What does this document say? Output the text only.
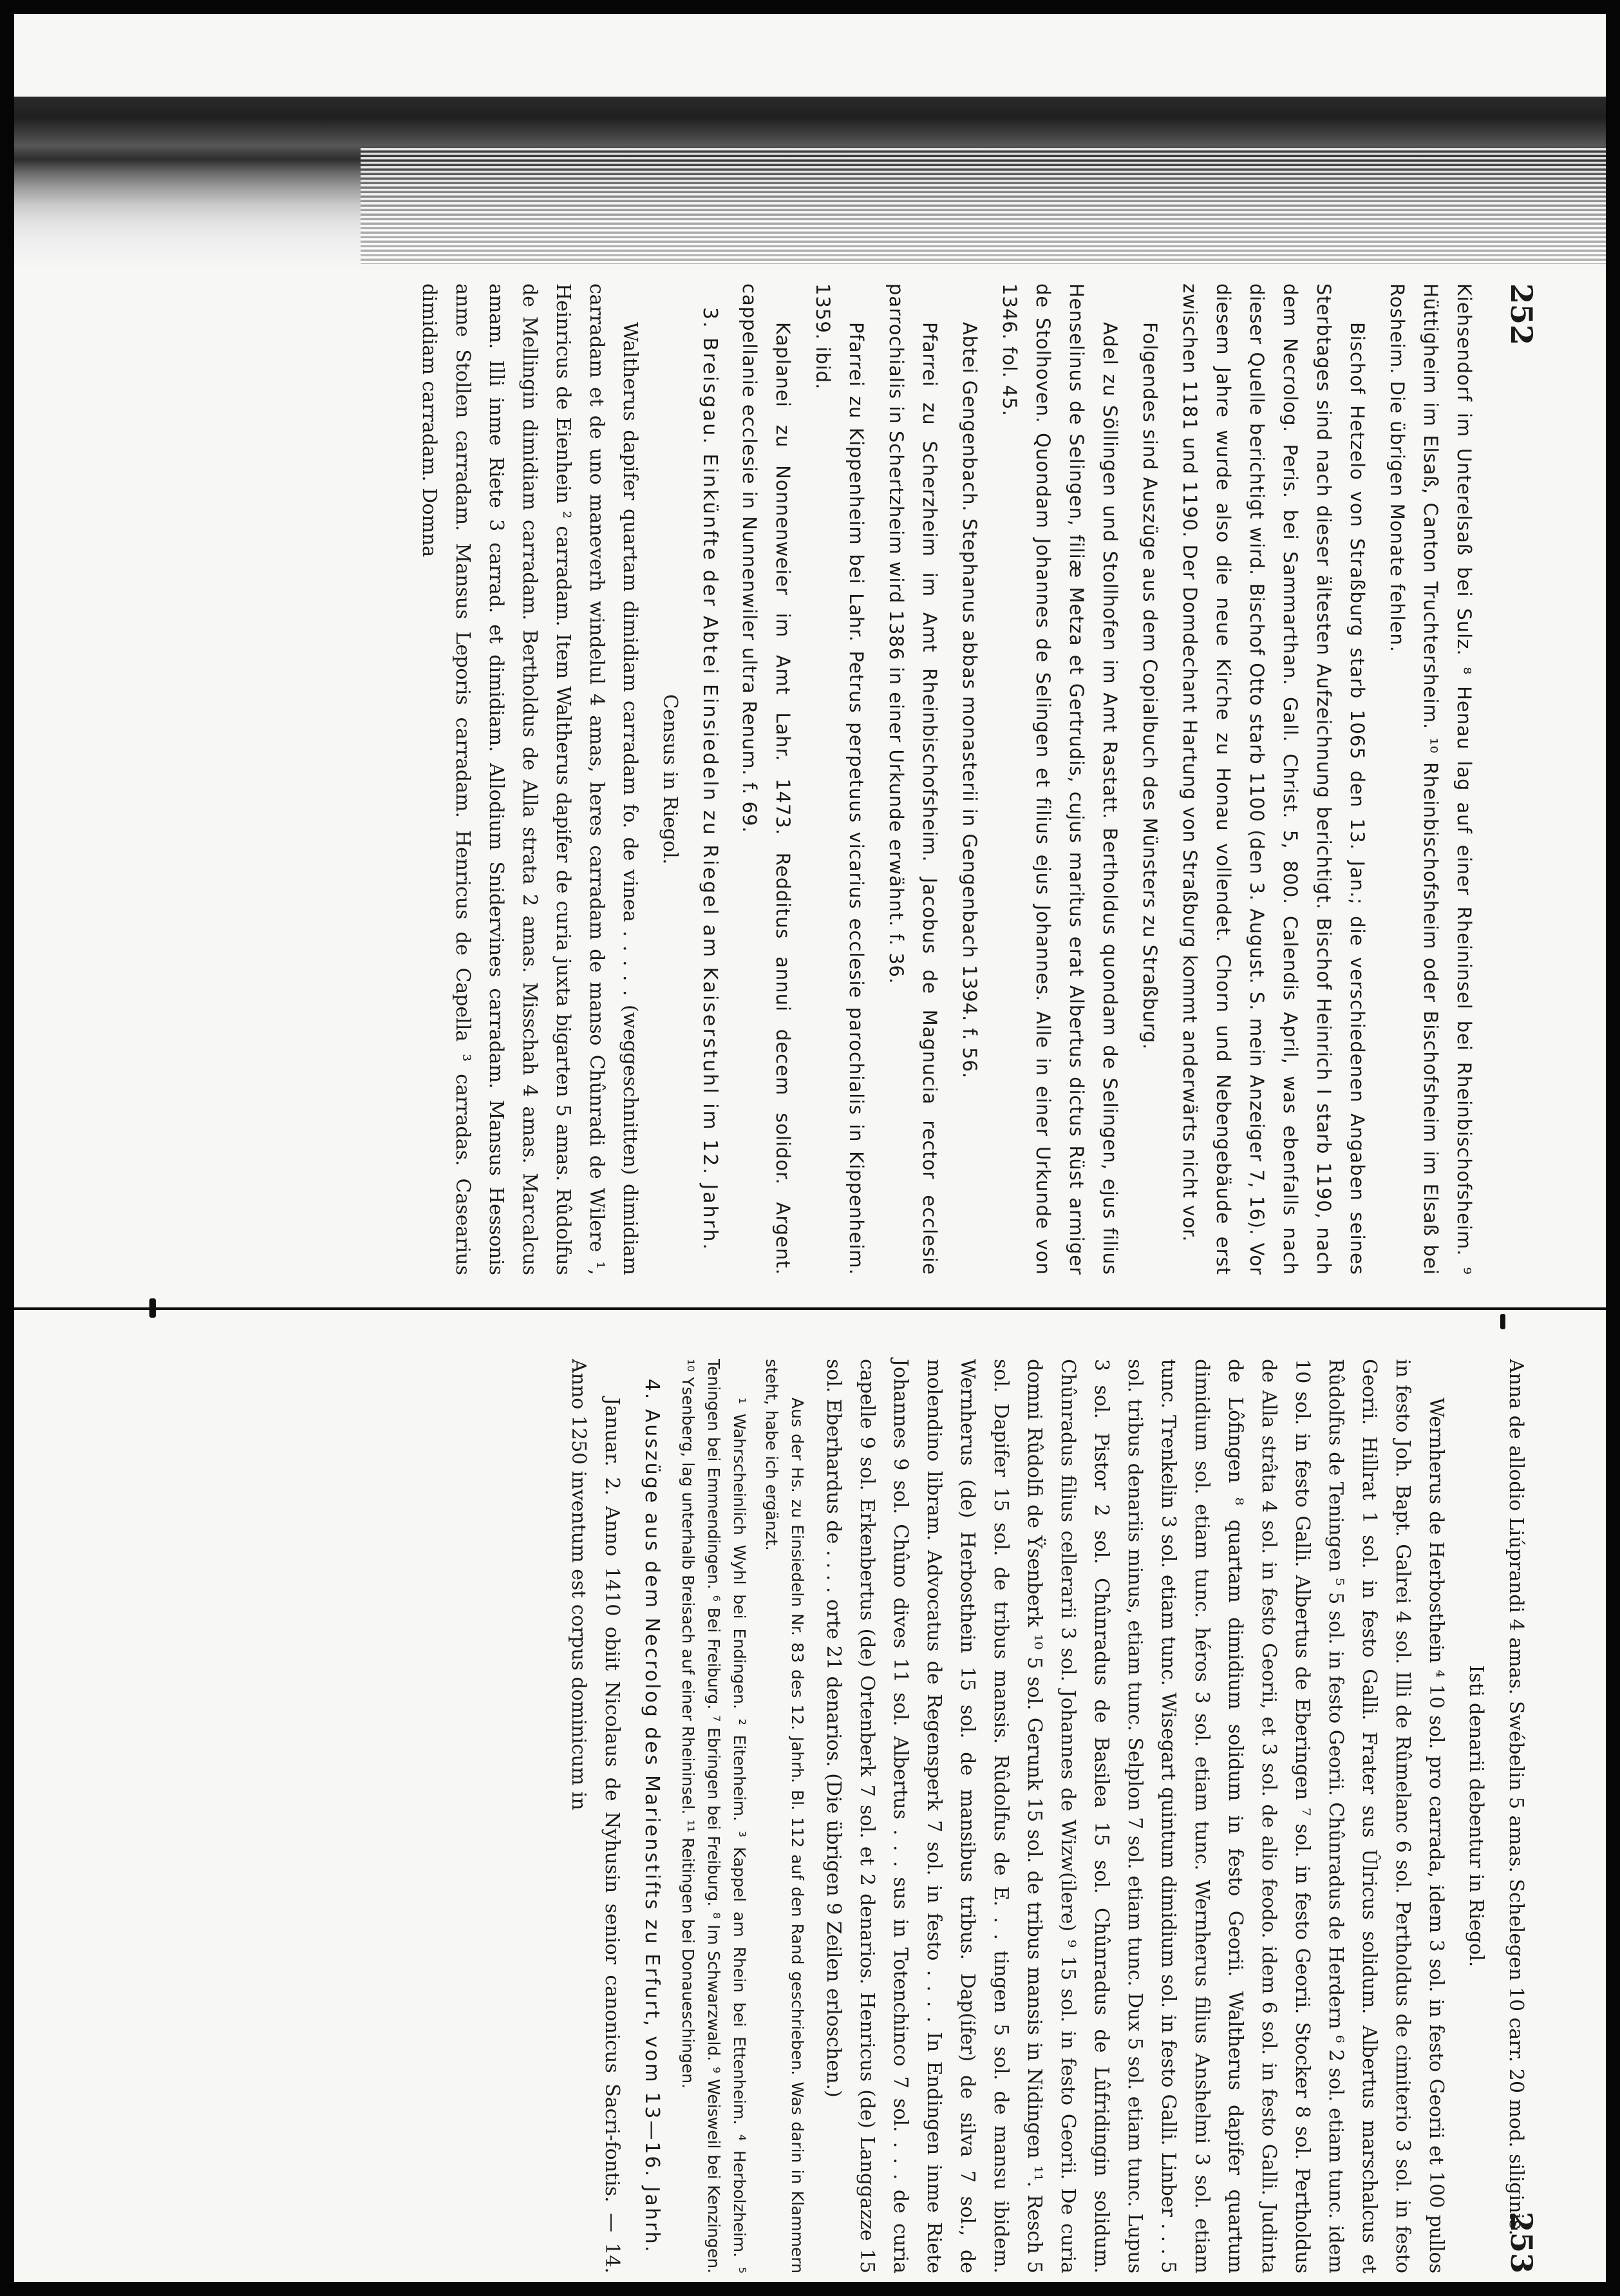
252

Kiehsendorf im Unterelsaß bei Sulz. ⁸ Henau lag auf einer Rheininsel bei Rheinbischofsheim. ⁹ Hüttigheim im Elsaß, Canton Truchtersheim. ¹⁰ Rheinbischofsheim oder Bischofsheim im Elsaß bei Rosheim. Die übrigen Monate fehlen.

Bischof Hetzelo von Straßburg starb 1065 den 13. Jan.; die verschiedenen Angaben seines Sterbtages sind nach dieser ältesten Aufzeichnung berichtigt. Bischof Heinrich I starb 1190, nach dem Necrolog. Peris. bei Sammarthan. Gall. Christ. 5, 800. Calendis April, was ebenfalls nach dieser Quelle berichtigt wird. Bischof Otto starb 1100 (den 3. August. S. mein Anzeiger 7, 16). Vor diesem Jahre wurde also die neue Kirche zu Honau vollendet. Chorn und Nebengebäude erst zwischen 1181 und 1190. Der Domdechant Hartung von Straßburg kommt anderwärts nicht vor.

Folgendes sind Auszüge aus dem Copialbuch des Münsters zu Straßburg.

Adel zu Söllingen und Stollhofen im Amt Rastatt. Bertholdus quondam de Selingen, ejus filius Henselinus de Selingen, filiæ Metza et Gertrudis, cujus maritus erat Albertus dictus Rüst armiger de Stolhoven. Quondam Johannes de Selingen et filius ejus Johannes. Alle in einer Urkunde von 1346. fol. 45.

Abtei Gengenbach. Stephanus abbas monasterii in Gengenbach 1394. f. 56.

Pfarrei zu Scherzheim im Amt Rheinbischofsheim. Jacobus de Magnucia rector ecclesie parrochialis in Schertzheim wird 1386 in einer Urkunde erwähnt. f. 36.

Pfarrei zu Kippenheim bei Lahr. Petrus perpetuus vicarius ecclesie parochialis in Kippenheim. 1359. ibid.

Kaplanei zu Nonnenweier im Amt Lahr. 1473. Redditus annui decem solidor. Argent. cappellanie ecclesie in Nunnenwiler ultra Renum. f. 69.

3. Breisgau. Einkünfte der Abtei Einsiedeln zu Riegel am Kaiserstuhl im 12. Jahrh.

Census in Riegol.

Waltherus dapifer quartam dimidiam carradam fo. de vinea . . . . . (weggeschnitten) dimidiam carradam et de uno maneverh windelul 4 amas, heres carradam de manso Chûnradi de Wilere ¹, Heinricus de Eienhein ² carradam. Item Waltherus dapifer de curia juxta bigarten 5 amas. Rûdolfus de Mellingin dimidiam carradam. Bertholdus de Alla strata 2 amas. Misschah 4 amas. Marcalcus amam. Illi inme Riete 3 carrad. et dimidiam. Allodium Snidervines carradam. Mansus Hessonis anme Stollen carradam. Mansus Leporis carradam. Henricus de Capella ³ carradas. Casearius dimidiam carradam. Domna

253

Anna de allodio Liúprandi 4 amas. Swébelin 5 amas. Schelegen 10 carr. 20 mod. siliginis.

Isti denarii debentur in Riegol.

Wernherus de Herbosthein ⁴ 10 sol. pro carrada, idem 3 sol. in festo Georii et 100 pullos in festo Joh. Bapt. Galrei 4 sol. Illi de Rûmelanc 6 sol. Pertholdus de cimiterio 3 sol. in festo Georii. Hillrat 1 sol. in festo Galli. Frater sus Ûlricus solidum. Albertus marschalcus et Rûdolfus de Teningen ⁵ 5 sol. in festo Georii. Chûnradus de Herdern ⁶ 2 sol. etiam tunc. idem 10 sol. in festo Galli. Albertus de Eberingen ⁷ sol. in festo Georii. Stocker 8 sol. Pertholdus de Alla strâta 4 sol. in festo Georii, et 3 sol. de alio feodo. idem 6 sol. in festo Galli. Judinta de Lôfingen ⁸ quartam dimidium solidum in festo Georii. Waltherus dapifer quartum dimidium sol. etiam tunc. héros 3 sol. etiam tunc. Wernherus filius Anshelmi 3 sol. etiam tunc. Trenkelin 3 sol. etiam tunc. Wisegart quintum dimidium sol. in festo Galli. Linber . . . 5 sol. tribus denariis minus, etiam tunc. Selplon 7 sol. etiam tunc. Dux 5 sol. etiam tunc. Lupus 3 sol. Pistor 2 sol. Chûnradus de Basilea 15 sol. Chûnradus de Lûfridingin solidum. Chûnradus filius cellerarii 3 sol. Johannes de Wizw(ilere) ⁹ 15 sol. in festo Georii. De curia domni Rûdolfi de Ÿsenberk ¹⁰ 5 sol. Gerunk 15 sol. de tribus mansis in Nidingen ¹¹. Resch 5 sol. Dapifer 15 sol. de tribus mansis. Rûdolfus de E. . . tingen 5 sol. de mansu ibidem. Wernherus (de) Herbosthein 15 sol. de mansibus tribus. Dap(ifer) de silva 7 sol., de molendino libram. Advocatus de Regensperk 7 sol. in festo . . . . In Endingen inme Riete Johannes 9 sol. Chûno dives 11 sol. Albertus . . . sus in Totenchinco 7 sol. . . . de curia capelle 9 sol. Erkenbertus (de) Ortenberk 7 sol. et 2 denarios. Henricus (de) Langgazze 15 sol. Eberhardus de . . . . orte 21 denarios. (Die übrigen 9 Zeilen erloschen.)

Aus der Hs. zu Einsiedeln Nr. 83 des 12. Jahrh. Bl. 112 auf den Rand geschrieben. Was darin in Klammern steht, habe ich ergänzt.

¹ Wahrscheinlich Wyhl bei Endingen. ² Eitenheim. ³ Kappel am Rhein bei Ettenheim. ⁴ Herbolzheim. ⁵ Teningen bei Emmendingen. ⁶ Bei Freiburg. ⁷ Ebringen bei Freiburg. ⁸ Im Schwarzwald. ⁹ Weisweil bei Kenzingen. ¹⁰ Ysenberg, lag unterhalb Breisach auf einer Rheininsel. ¹¹ Reitingen bei Donaueschingen.

4. Auszüge aus dem Necrolog des Marienstifts zu Erfurt, vom 13—16. Jahrh.

Januar. 2. Anno 1410 obiit Nicolaus de Nyhusin senior canonicus Sacri-fontis. — 14. Anno 1250 inventum est corpus dominicum in
